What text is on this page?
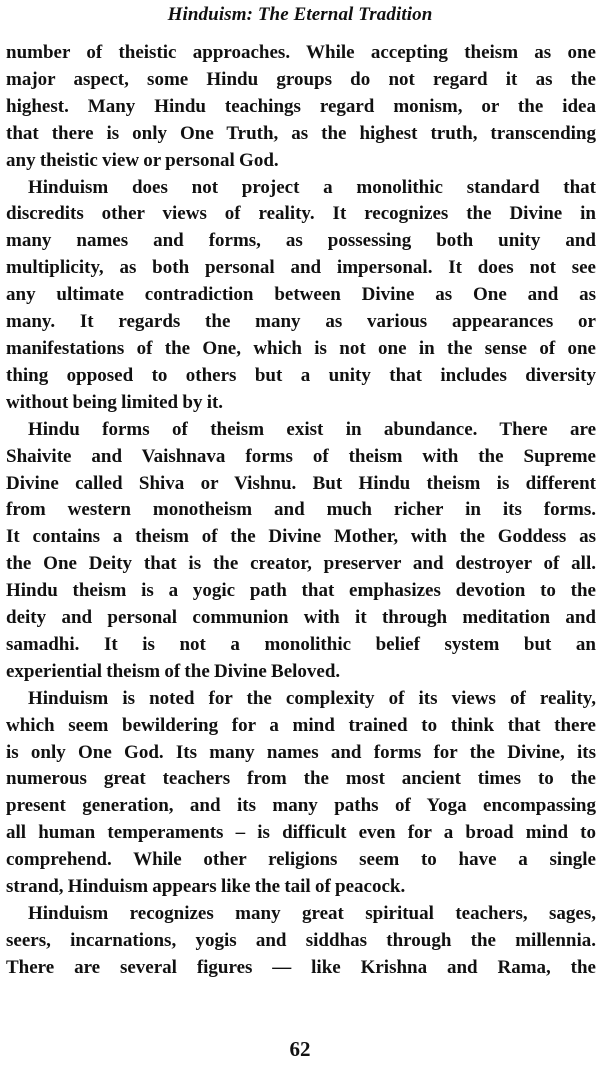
Hinduism: The Eternal Tradition

number of theistic approaches. While accepting theism as one
major aspect, some Hindu groups do not regard it as the
highest. Many Hindu teachings regard monism, or the idea
that there is only One Truth, as the highest truth, transcending
any theistic view or personal God.

Hinduism does not project a monolithic standard that
discredits other views of reality. It recognizes the Divine in
many names and forms, as possessing both unity and
multiplicity, as both personal and impersonal. It does not see
any ultimate contradiction between Divine as One and as
many. It regards the many as various appearances or
manifestations of the One, which is not one in the sense of one
thing opposed to others but a unity that includes diversity
without being limited by it.

Hindu forms of theism exist in abundance. There are
Shaivite and Vaishnava forms of theism with the Supreme
Divine called Shiva or Vishnu. But Hindu theism is different
from western monotheism and much richer in its forms.
It contains a theism of the Divine Mother, with the Goddess as
the One Deity that is the creator, preserver and destroyer of all.
Hindu theism is a yogic path that emphasizes devotion to the
deity and personal communion with it through meditation and
samadhi. It is not a monolithic belief system but an
experiential theism of the Divine Beloved.

Hinduism is noted for the complexity of its views of reality,
which seem bewildering for a mind trained to think that there
is only One God. Its many names and forms for the Divine, its
numerous great teachers from the most ancient times to the
present generation, and its many paths of Yoga encompassing
all human temperaments – is difficult even for a broad mind to
comprehend. While other religions seem to have a single
strand, Hinduism appears like the tail of peacock.

Hinduism recognizes many great spiritual teachers, sages,
seers, incarnations, yogis and siddhas through the millennia.
There are several figures — like Krishna and Rama, the

62
